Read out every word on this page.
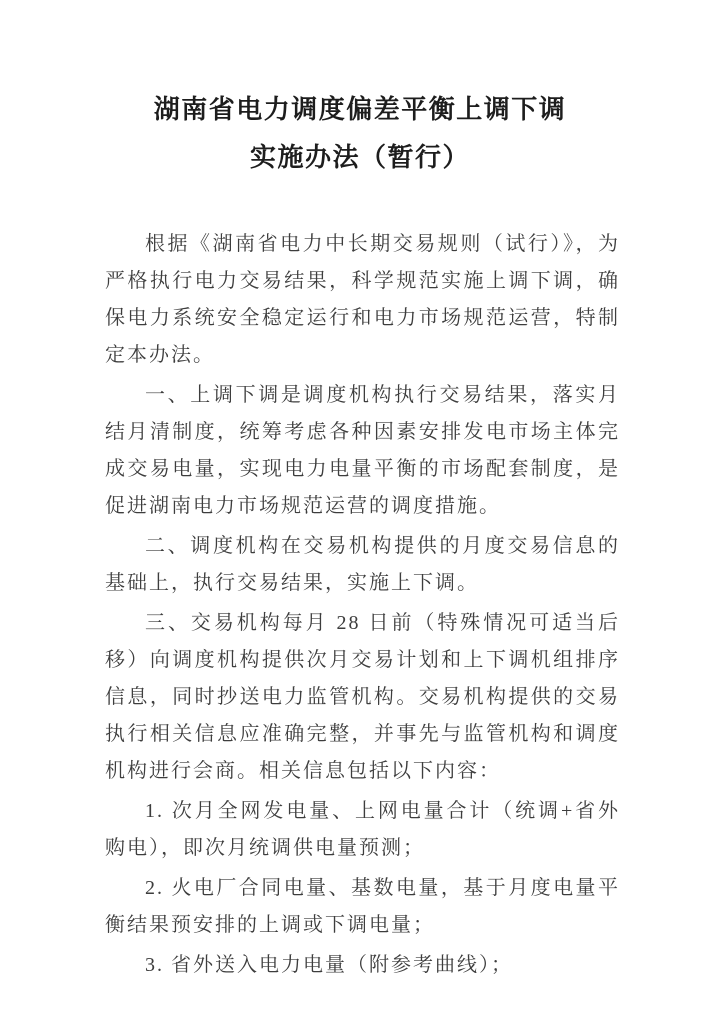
湖南省电力调度偏差平衡上调下调
实施办法（暂行）

根据《湖南省电力中长期交易规则（试行）》，为严格执行电力交易结果，科学规范实施上调下调，确保电力系统安全稳定运行和电力市场规范运营，特制定本办法。

一、上调下调是调度机构执行交易结果，落实月结月清制度，统筹考虑各种因素安排发电市场主体完成交易电量，实现电力电量平衡的市场配套制度，是促进湖南电力市场规范运营的调度措施。

二、调度机构在交易机构提供的月度交易信息的基础上，执行交易结果，实施上下调。

三、交易机构每月 28 日前（特殊情况可适当后移）向调度机构提供次月交易计划和上下调机组排序信息，同时抄送电力监管机构。交易机构提供的交易执行相关信息应准确完整，并事先与监管机构和调度机构进行会商。相关信息包括以下内容：

1. 次月全网发电量、上网电量合计（统调+省外购电），即次月统调供电量预测；

2. 火电厂合同电量、基数电量，基于月度电量平衡结果预安排的上调或下调电量；

3. 省外送入电力电量（附参考曲线）；
